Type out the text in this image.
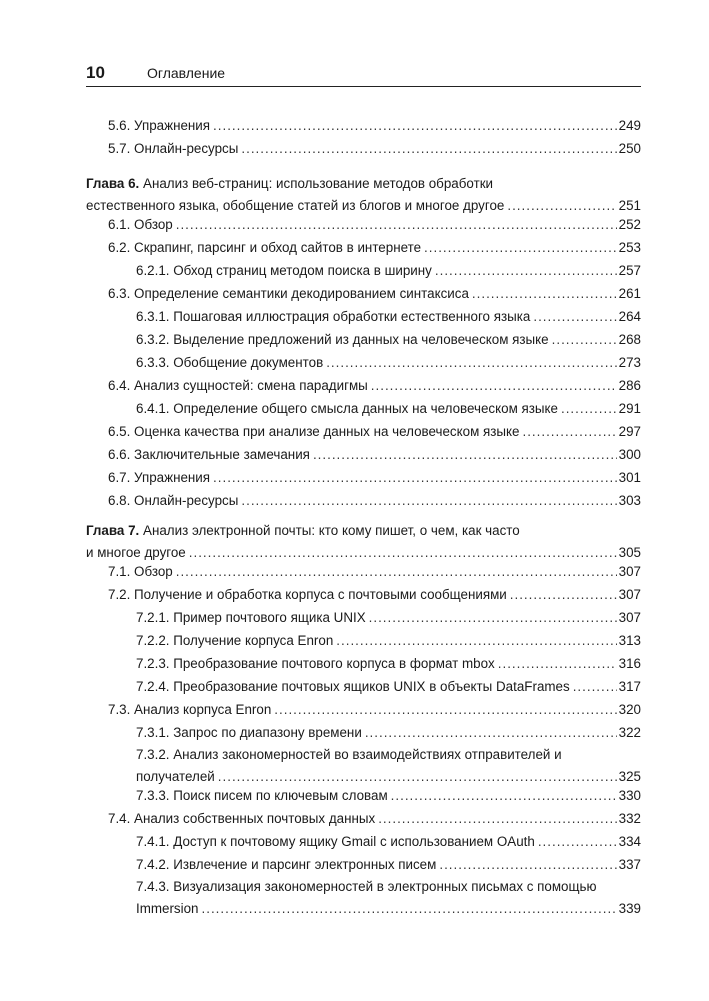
10	Оглавление
5.6. Упражнения .....	249
5.7. Онлайн-ресурсы .....	250
Глава 6. Анализ веб-страниц: использование методов обработки
естественного языка, обобщение статей из блогов и многое другое .....	251
6.1. Обзор .....	252
6.2. Скрапинг, парсинг и обход сайтов в интернете .....	253
6.2.1. Обход страниц методом поиска в ширину .....	257
6.3. Определение семантики декодированием синтаксиса .....	261
6.3.1. Пошаговая иллюстрация обработки естественного языка .....	264
6.3.2. Выделение предложений из данных на человеческом языке .....	268
6.3.3. Обобщение документов .....	273
6.4. Анализ сущностей: смена парадигмы .....	286
6.4.1. Определение общего смысла данных на человеческом языке .....	291
6.5. Оценка качества при анализе данных на человеческом языке .....	297
6.6. Заключительные замечания .....	300
6.7. Упражнения .....	301
6.8. Онлайн-ресурсы .....	303
Глава 7. Анализ электронной почты: кто кому пишет, о чем, как часто
и многое другое .....	305
7.1. Обзор .....	307
7.2. Получение и обработка корпуса с почтовыми сообщениями .....	307
7.2.1. Пример почтового ящика UNIX .....	307
7.2.2. Получение корпуса Enron .....	313
7.2.3. Преобразование почтового корпуса в формат mbox .....	316
7.2.4. Преобразование почтовых ящиков UNIX в объекты DataFrames .....	317
7.3. Анализ корпуса Enron .....	320
7.3.1. Запрос по диапазону времени .....	322
7.3.2. Анализ закономерностей во взаимодействиях отправителей и
получателей .....	325
7.3.3. Поиск писем по ключевым словам .....	330
7.4. Анализ собственных почтовых данных .....	332
7.4.1. Доступ к почтовому ящику Gmail с использованием OAuth .....	334
7.4.2. Извлечение и парсинг электронных писем .....	337
7.4.3. Визуализация закономерностей в электронных письмах с помощью
Immersion .....	339
